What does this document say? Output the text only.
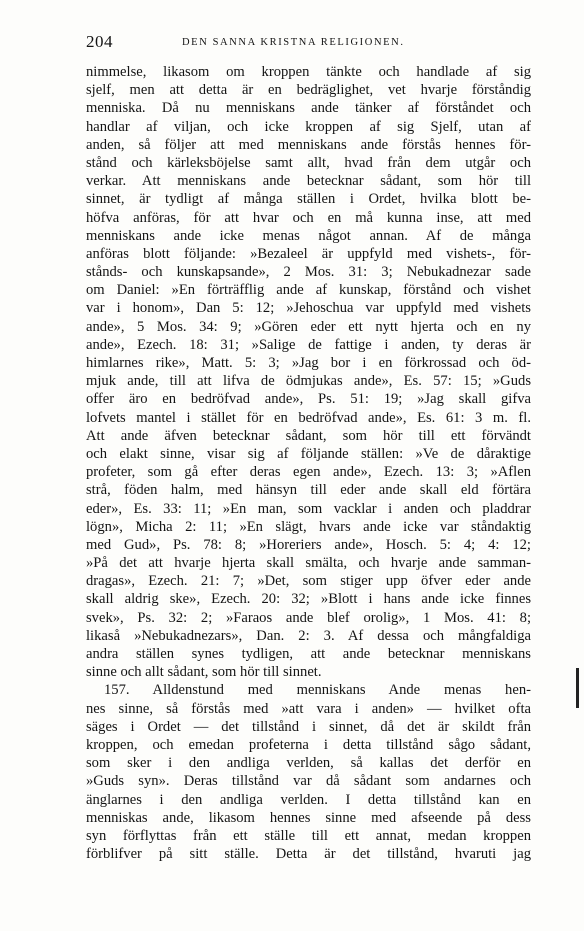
204	DEN SANNA KRISTNA RELIGIONEN.
nimmelse, likasom om kroppen tänkte och handlade af sig
sjelf, men att detta är en bedräglighet, vet hvarje förståndig
menniska. Då nu menniskans ande tänker af förståndet och
handlar af viljan, och icke kroppen af sig Sjelf, utan af
anden, så följer att med menniskans ande förstås hennes för-
stånd och kärleksböjelse samt allt, hvad från dem utgår och
verkar. Att menniskans ande betecknar sådant, som hör till
sinnet, är tydligt af många ställen i Ordet, hvilka blott be-
höfva anföras, för att hvar och en må kunna inse, att med
menniskans ande icke menas något annan. Af de många
anföras blott följande: »Bezaleel är uppfyld med vishets-, för-
stånds- och kunskapsande», 2 Mos. 31: 3; Nebukadnezar sade
om Daniel: »En förträfflig ande af kunskap, förstånd och vishet
var i honom», Dan 5: 12; »Jehoschua var uppfyld med vishets
ande», 5 Mos. 34: 9; »Gören eder ett nytt hjerta och en ny
ande», Ezech. 18: 31; »Salige de fattige i anden, ty deras är
himlarnes rike», Matt. 5: 3; »Jag bor i en förkrossad och öd-
mjuk ande, till att lifva de ödmjukas ande», Es. 57: 15; »Guds
offer äro en bedröfvad ande», Ps. 51: 19; »Jag skall gifva
lofvets mantel i stället för en bedröfvad ande», Es. 61: 3 m. fl.
Att ande äfven betecknar sådant, som hör till ett förvändt
och elakt sinne, visar sig af följande ställen: »Ve de dåraktige
profeter, som gå efter deras egen ande», Ezech. 13: 3; »Aflen
strå, föden halm, med hänsyn till eder ande skall eld förtära
eder», Es. 33: 11; »En man, som vacklar i anden och pladdrar
lögn», Micha 2: 11; »En slägt, hvars ande icke var ståndaktig
med Gud», Ps. 78: 8; »Horeriers ande», Hosch. 5: 4; 4: 12;
»På det att hvarje hjerta skall smälta, och hvarje ande samman-
dragas», Ezech. 21: 7; »Det, som stiger upp öfver eder ande
skall aldrig ske», Ezech. 20: 32; »Blott i hans ande icke finnes
svek», Ps. 32: 2; »Faraos ande blef orolig», 1 Mos. 41: 8;
likaså »Nebukadnezars», Dan. 2: 3. Af dessa och mångfaldiga
andra ställen synes tydligen, att ande betecknar menniskans
sinne och allt sådant, som hör till sinnet.
157. Alldenstund med menniskans Ande menas hen-
nes sinne, så förstås med »att vara i anden» — hvilket ofta
säges i Ordet — det tillstånd i sinnet, då det är skildt från
kroppen, och emedan profeterna i detta tillstånd sågo sådant,
som sker i den andliga verlden, så kallas det derför en
»Guds syn». Deras tillstånd var då sådant som andarnes och
änglarnes i den andliga verlden. I detta tillstånd kan en
menniskas ande, likasom hennes sinne med afseende på dess
syn förflyttas från ett ställe till ett annat, medan kroppen
förblifver på sitt ställe. Detta är det tillstånd, hvaruti jag
